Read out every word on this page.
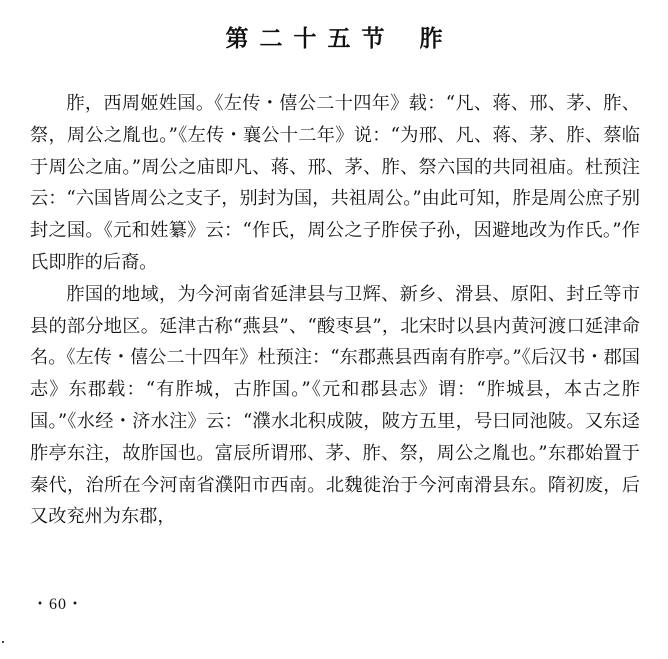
第二十五节 胙

胙，西周姬姓国。《左传・僖公二十四年》载：“凡、蒋、邢、茅、胙、祭，周公之胤也。”《左传・襄公十二年》说：“为邢、凡、蒋、茅、胙、蔡临于周公之庙。”周公之庙即凡、蒋、邢、茅、胙、祭六国的共同祖庙。杜预注云：“六国皆周公之支子，别封为国，共祖周公。”由此可知，胙是周公庶子别封之国。《元和姓纂》云：“作氏，周公之子胙侯子孙，因避地改为作氏。”作氏即胙的后裔。

胙国的地域，为今河南省延津县与卫辉、新乡、滑县、原阳、封丘等市县的部分地区。延津古称“燕县”、“酸枣县”，北宋时以县内黄河渡口延津命名。《左传・僖公二十四年》杜预注：“东郡燕县西南有胙亭。”《后汉书・郡国志》东郡载：“有胙城，古胙国。”《元和郡县志》谓：“胙城县，本古之胙国。”《水经・济水注》云：“濮水北积成陂，陂方五里，号曰同池陂。又东迳胙亭东注，故胙国也。富辰所谓邢、茅、胙、祭，周公之胤也。”东郡始置于秦代，治所在今河南省濮阳市西南。北魏徙治于今河南滑县东。隋初废，后又改兖州为东郡，

・60・
